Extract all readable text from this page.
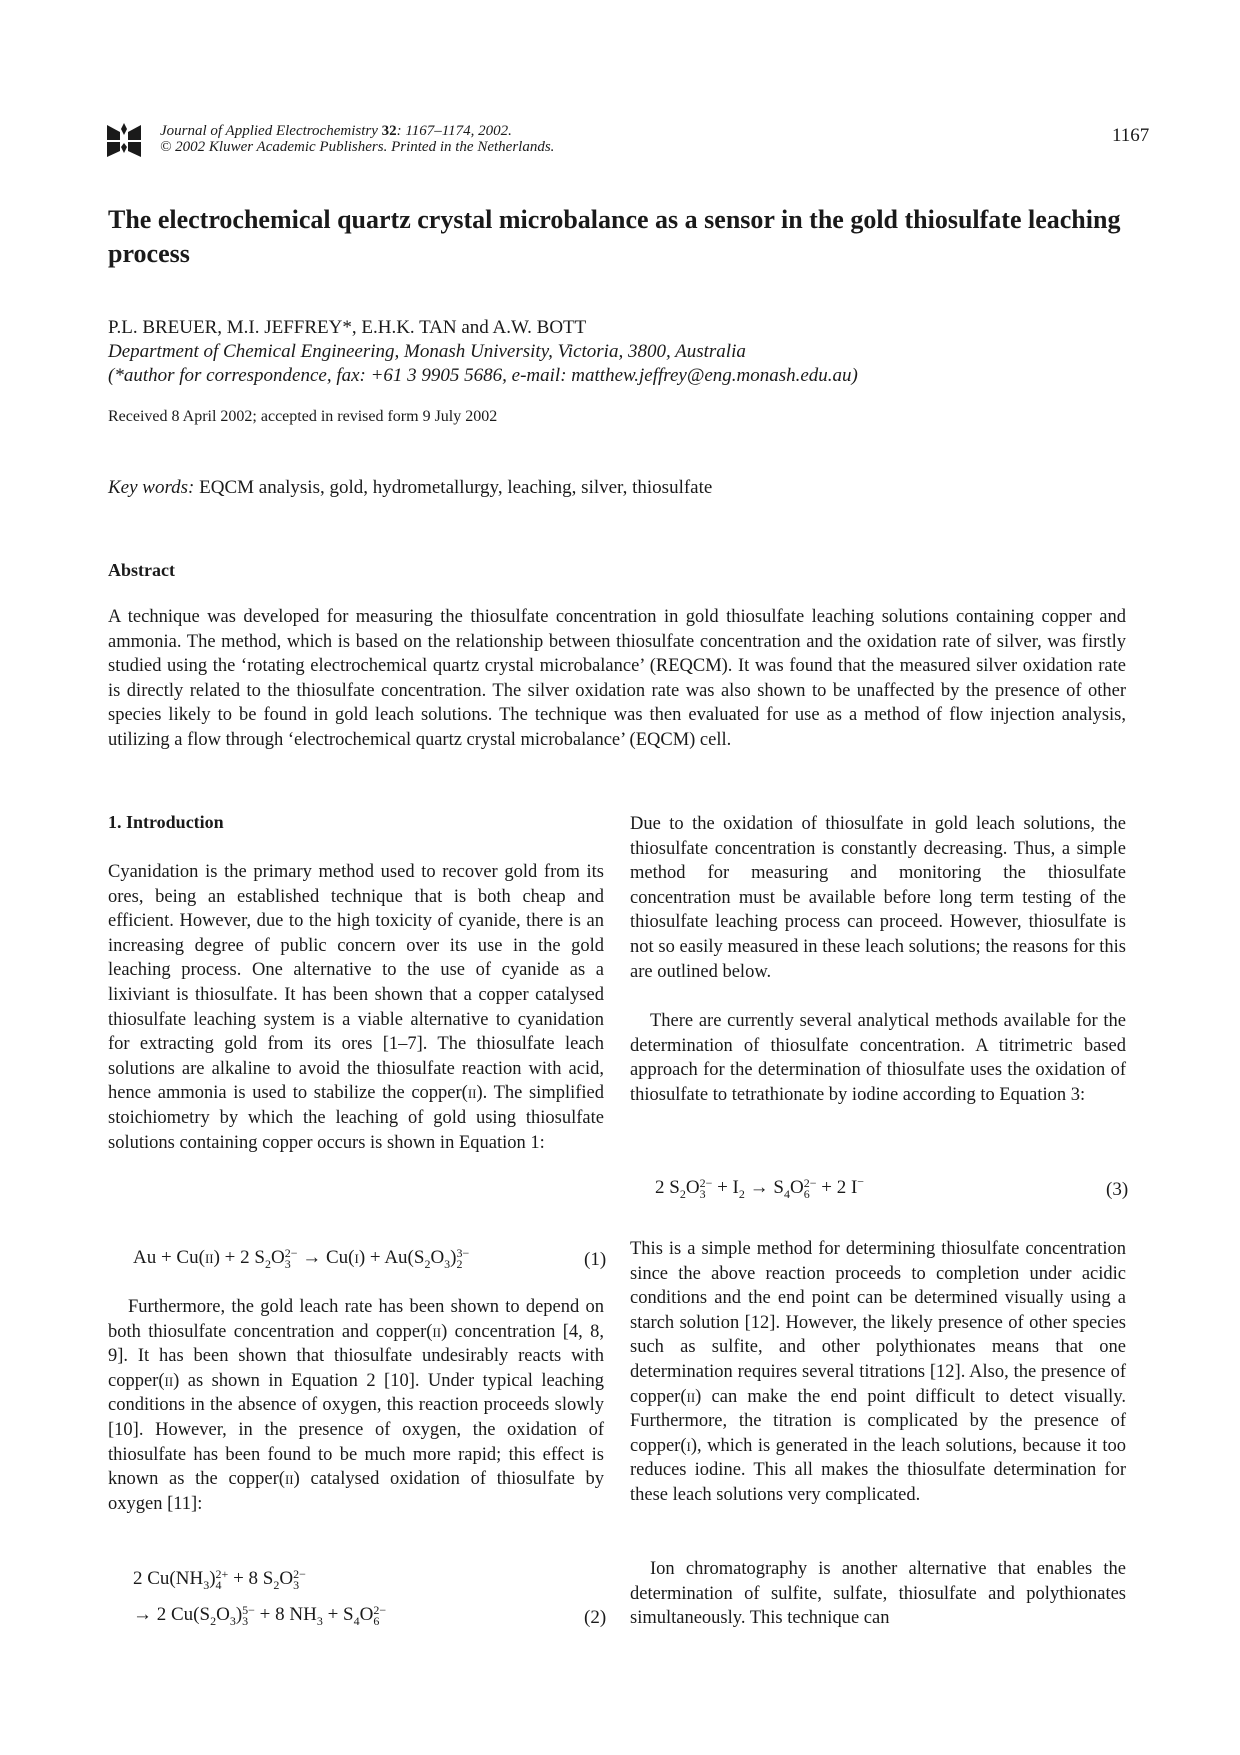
Journal of Applied Electrochemistry 32: 1167–1174, 2002.
© 2002 Kluwer Academic Publishers. Printed in the Netherlands.
1167
The electrochemical quartz crystal microbalance as a sensor in the gold thiosulfate leaching process
P.L. BREUER, M.I. JEFFREY*, E.H.K. TAN and A.W. BOTT
Department of Chemical Engineering, Monash University, Victoria, 3800, Australia
(*author for correspondence, fax: +61 3 9905 5686, e-mail: matthew.jeffrey@eng.monash.edu.au)
Received 8 April 2002; accepted in revised form 9 July 2002
Key words: EQCM analysis, gold, hydrometallurgy, leaching, silver, thiosulfate
Abstract

A technique was developed for measuring the thiosulfate concentration in gold thiosulfate leaching solutions containing copper and ammonia. The method, which is based on the relationship between thiosulfate concentration and the oxidation rate of silver, was firstly studied using the ‘rotating electrochemical quartz crystal microbalance’ (REQCM). It was found that the measured silver oxidation rate is directly related to the thiosulfate concentration. The silver oxidation rate was also shown to be unaffected by the presence of other species likely to be found in gold leach solutions. The technique was then evaluated for use as a method of flow injection analysis, utilizing a flow through ‘electrochemical quartz crystal microbalance’ (EQCM) cell.

1. Introduction

Cyanidation is the primary method used to recover gold from its ores, being an established technique that is both cheap and efficient. However, due to the high toxicity of cyanide, there is an increasing degree of public concern over its use in the gold leaching process. One alternative to the use of cyanide as a lixiviant is thiosulfate. It has been shown that a copper catalysed thiosulfate leaching system is a viable alternative to cyanidation for extracting gold from its ores [1–7]. The thiosulfate leach solutions are alkaline to avoid the thiosulfate reaction with acid, hence ammonia is used to stabilize the copper(ii). The simplified stoichiometry by which the leaching of gold using thiosulfate solutions containing copper occurs is shown in Equation 1:

Au + Cu(ii) + 2 $S_2O$ 2−
$3 \to Cu(i) + Au(S_2O_3)$ 3−
2	(1)

Furthermore, the gold leach rate has been shown to depend on both thiosulfate concentration and copper(ii) concentration [4, 8, 9]. It has been shown that thiosulfate undesirably reacts with copper(ii) as shown in Equation 2 [10]. Under typical leaching conditions in the absence of oxygen, this reaction proceeds slowly [10]. However, in the presence of oxygen, the oxidation of thiosulfate has been found to be much more rapid; this effect is known as the copper(ii) catalysed oxidation of thiosulfate by oxygen [11]:

2 $Cu(NH_3)$ 2+
4 + 8 $S_2O$ 2−
3
→ 2 $Cu(S_2O_3)$ 5−
3 + 8 $NH_3 + S_4O$ 2−
6	(2)

Due to the oxidation of thiosulfate in gold leach solutions, the thiosulfate concentration is constantly decreasing. Thus, a simple method for measuring and monitoring the thiosulfate concentration must be available before long term testing of the thiosulfate leaching process can proceed. However, thiosulfate is not so easily measured in these leach solutions; the reasons for this are outlined below.

There are currently several analytical methods available for the determination of thiosulfate concentration. A titrimetric based approach for the determination of thiosulfate uses the oxidation of thiosulfate to tetrathionate by iodine according to Equation 3:

2 $S_2O$ 2−
$3 + I_2 \to S_4O$ 2−
6 + 2 I−	(3)

This is a simple method for determining thiosulfate concentration since the above reaction proceeds to completion under acidic conditions and the end point can be determined visually using a starch solution [12]. However, the likely presence of other species such as sulfite, and other polythionates means that one determination requires several titrations [12]. Also, the presence of copper(ii) can make the end point difficult to detect visually. Furthermore, the titration is complicated by the presence of copper(i), which is generated in the leach solutions, because it too reduces iodine. This all makes the thiosulfate determination for these leach solutions very complicated.

Ion chromatography is another alternative that enables the determination of sulfite, sulfate, thiosulfate and polythionates simultaneously. This technique can
